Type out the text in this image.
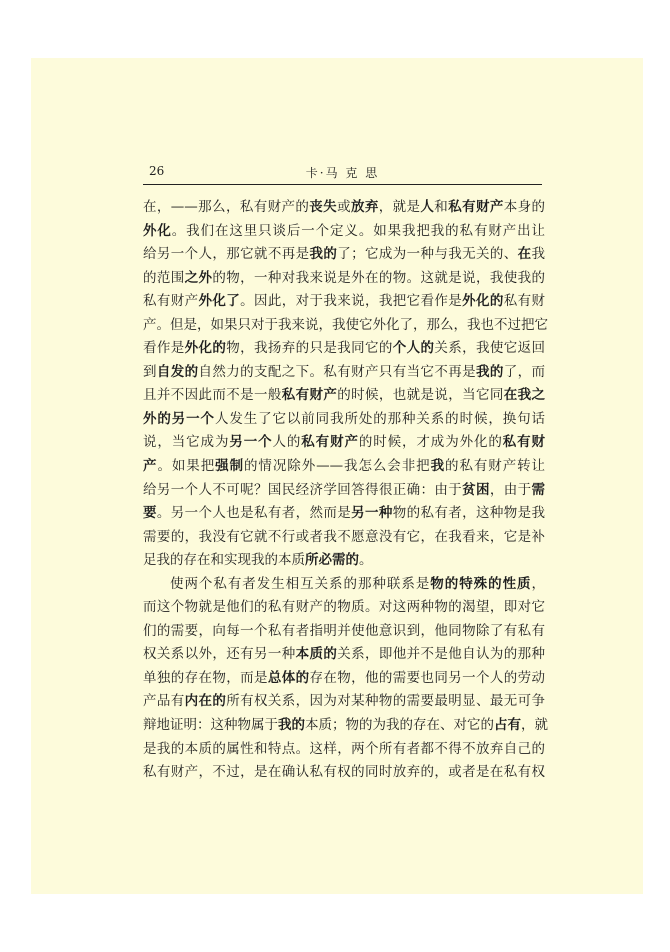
26	卡·马 克 思
在，——那么，私有财产的丧失或放弃，就是人和私有财产本身的
外化。我们在这里只谈后一个定义。如果我把我的私有财产出让
给另一个人，那它就不再是我的了；它成为一种与我无关的、在我
的范围之外的物，一种对我来说是外在的物。这就是说，我使我的
私有财产外化了。因此，对于我来说，我把它看作是外化的私有财
产。但是，如果只对于我来说，我使它外化了，那么，我也不过把它
看作是外化的物，我扬弃的只是我同它的个人的关系，我使它返回
到自发的自然力的支配之下。私有财产只有当它不再是我的了，而
且并不因此而不是一般私有财产的时候，也就是说，当它同在我之
外的另一个人发生了它以前同我所处的那种关系的时候，换句话
说，当它成为另一个人的私有财产的时候，才成为外化的私有财
产。如果把强制的情况除外——我怎么会非把我的私有财产转让
给另一个人不可呢？国民经济学回答得很正确：由于贫困，由于需
要。另一个人也是私有者，然而是另一种物的私有者，这种物是我
需要的，我没有它就不行或者我不愿意没有它，在我看来，它是补
足我的存在和实现我的本质所必需的。
使两个私有者发生相互关系的那种联系是物的特殊的性质，
而这个物就是他们的私有财产的物质。对这两种物的渴望，即对它
们的需要，向每一个私有者指明并使他意识到，他同物除了有私有
权关系以外，还有另一种本质的关系，即他并不是他自认为的那种
单独的存在物，而是总体的存在物，他的需要也同另一个人的劳动
产品有内在的所有权关系，因为对某种物的需要最明显、最无可争
辩地证明：这种物属于我的本质；物的为我的存在、对它的占有，就
是我的本质的属性和特点。这样，两个所有者都不得不放弃自己的
私有财产，不过，是在确认私有权的同时放弃的，或者是在私有权
